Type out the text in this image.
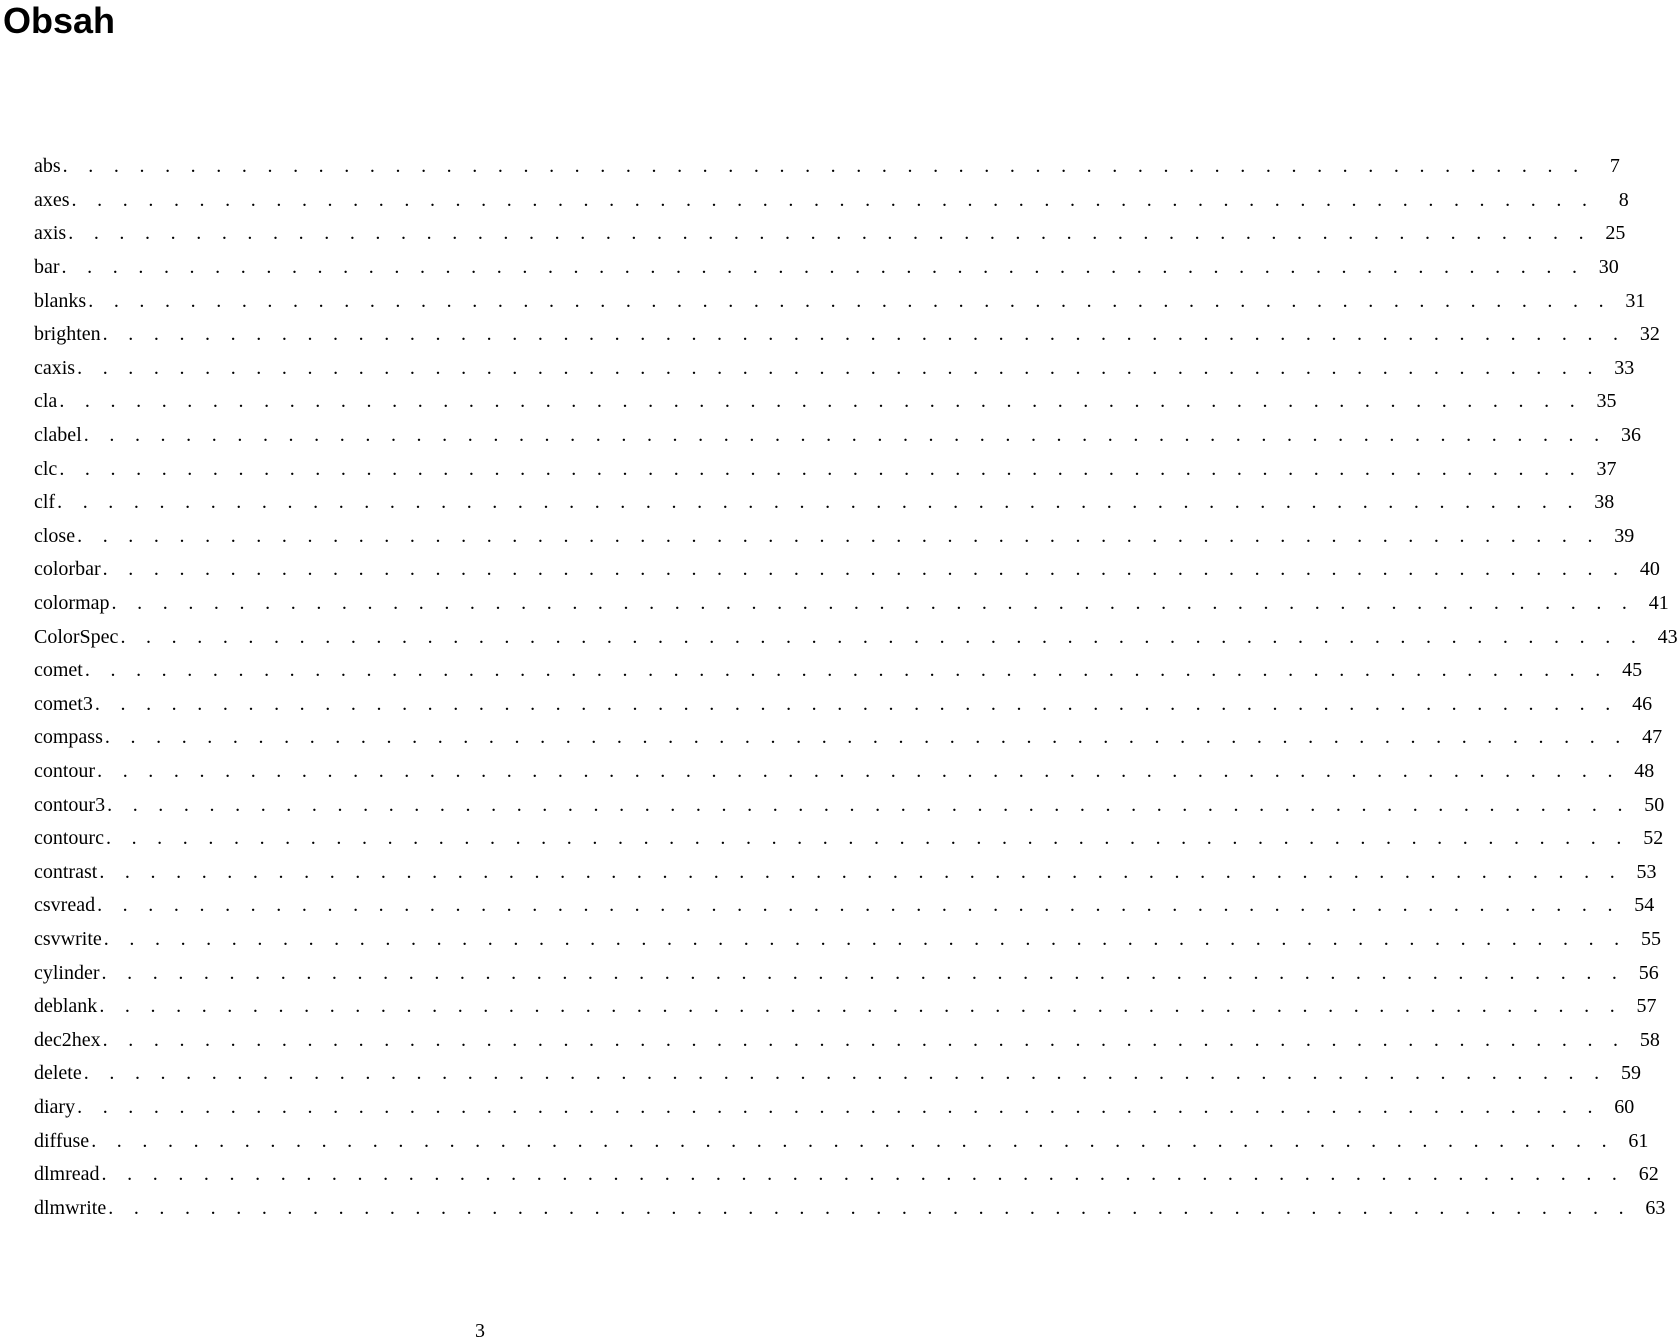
Obsah
abs . . . . . . . . . . . . . . . . . . . . . . . . . . . . . . . . . . . . . . . . . . . . . . . . . . . . . . . . . . . .	7
axes . . . . . . . . . . . . . . . . . . . . . . . . . . . . . . . . . . . . . . . . . . . . . . . . . . . . . . . . . . . .	8
axis . . . . . . . . . . . . . . . . . . . . . . . . . . . . . . . . . . . . . . . . . . . . . . . . . . . . . . . . . . . . 25
bar . . . . . . . . . . . . . . . . . . . . . . . . . . . . . . . . . . . . . . . . . . . . . . . . . . . . . . . . . . . . 30
blanks . . . . . . . . . . . . . . . . . . . . . . . . . . . . . . . . . . . . . . . . . . . . . . . . . . . . . . . . . . . . 31
brighten . . . . . . . . . . . . . . . . . . . . . . . . . . . . . . . . . . . . . . . . . . . . . . . . . . . . . . . . . . . . 32
caxis . . . . . . . . . . . . . . . . . . . . . . . . . . . . . . . . . . . . . . . . . . . . . . . . . . . . . . . . . . . . 33
cla . . . . . . . . . . . . . . . . . . . . . . . . . . . . . . . . . . . . . . . . . . . . . . . . . . . . . . . . . . . . 35
clabel . . . . . . . . . . . . . . . . . . . . . . . . . . . . . . . . . . . . . . . . . . . . . . . . . . . . . . . . . . . . 36
clc . . . . . . . . . . . . . . . . . . . . . . . . . . . . . . . . . . . . . . . . . . . . . . . . . . . . . . . . . . . . 37
clf . . . . . . . . . . . . . . . . . . . . . . . . . . . . . . . . . . . . . . . . . . . . . . . . . . . . . . . . . . . . 38
close . . . . . . . . . . . . . . . . . . . . . . . . . . . . . . . . . . . . . . . . . . . . . . . . . . . . . . . . . . . . 39
colorbar . . . . . . . . . . . . . . . . . . . . . . . . . . . . . . . . . . . . . . . . . . . . . . . . . . . . . . . . . . . . 40
colormap . . . . . . . . . . . . . . . . . . . . . . . . . . . . . . . . . . . . . . . . . . . . . . . . . . . . . . . . . . . . 41
ColorSpec . . . . . . . . . . . . . . . . . . . . . . . . . . . . . . . . . . . . . . . . . . . . . . . . . . . . . . . . . . . . 43
comet . . . . . . . . . . . . . . . . . . . . . . . . . . . . . . . . . . . . . . . . . . . . . . . . . . . . . . . . . . . . 45
comet3 . . . . . . . . . . . . . . . . . . . . . . . . . . . . . . . . . . . . . . . . . . . . . . . . . . . . . . . . . . . . 46
compass . . . . . . . . . . . . . . . . . . . . . . . . . . . . . . . . . . . . . . . . . . . . . . . . . . . . . . . . . . . . 47
contour . . . . . . . . . . . . . . . . . . . . . . . . . . . . . . . . . . . . . . . . . . . . . . . . . . . . . . . . . . . . 48
contour3 . . . . . . . . . . . . . . . . . . . . . . . . . . . . . . . . . . . . . . . . . . . . . . . . . . . . . . . . . . . . 50
contourc . . . . . . . . . . . . . . . . . . . . . . . . . . . . . . . . . . . . . . . . . . . . . . . . . . . . . . . . . . . . 52
contrast . . . . . . . . . . . . . . . . . . . . . . . . . . . . . . . . . . . . . . . . . . . . . . . . . . . . . . . . . . . . 53
csvread . . . . . . . . . . . . . . . . . . . . . . . . . . . . . . . . . . . . . . . . . . . . . . . . . . . . . . . . . . . . 54
csvwrite . . . . . . . . . . . . . . . . . . . . . . . . . . . . . . . . . . . . . . . . . . . . . . . . . . . . . . . . . . . . 55
cylinder . . . . . . . . . . . . . . . . . . . . . . . . . . . . . . . . . . . . . . . . . . . . . . . . . . . . . . . . . . . . 56
deblank . . . . . . . . . . . . . . . . . . . . . . . . . . . . . . . . . . . . . . . . . . . . . . . . . . . . . . . . . . . . 57
dec2hex . . . . . . . . . . . . . . . . . . . . . . . . . . . . . . . . . . . . . . . . . . . . . . . . . . . . . . . . . . . . 58
delete . . . . . . . . . . . . . . . . . . . . . . . . . . . . . . . . . . . . . . . . . . . . . . . . . . . . . . . . . . . . 59
diary . . . . . . . . . . . . . . . . . . . . . . . . . . . . . . . . . . . . . . . . . . . . . . . . . . . . . . . . . . . . 60
diffuse . . . . . . . . . . . . . . . . . . . . . . . . . . . . . . . . . . . . . . . . . . . . . . . . . . . . . . . . . . . . 61
dlmread . . . . . . . . . . . . . . . . . . . . . . . . . . . . . . . . . . . . . . . . . . . . . . . . . . . . . . . . . . . . 62
dlmwrite . . . . . . . . . . . . . . . . . . . . . . . . . . . . . . . . . . . . . . . . . . . . . . . . . . . . . . . . . . . . 63
3
